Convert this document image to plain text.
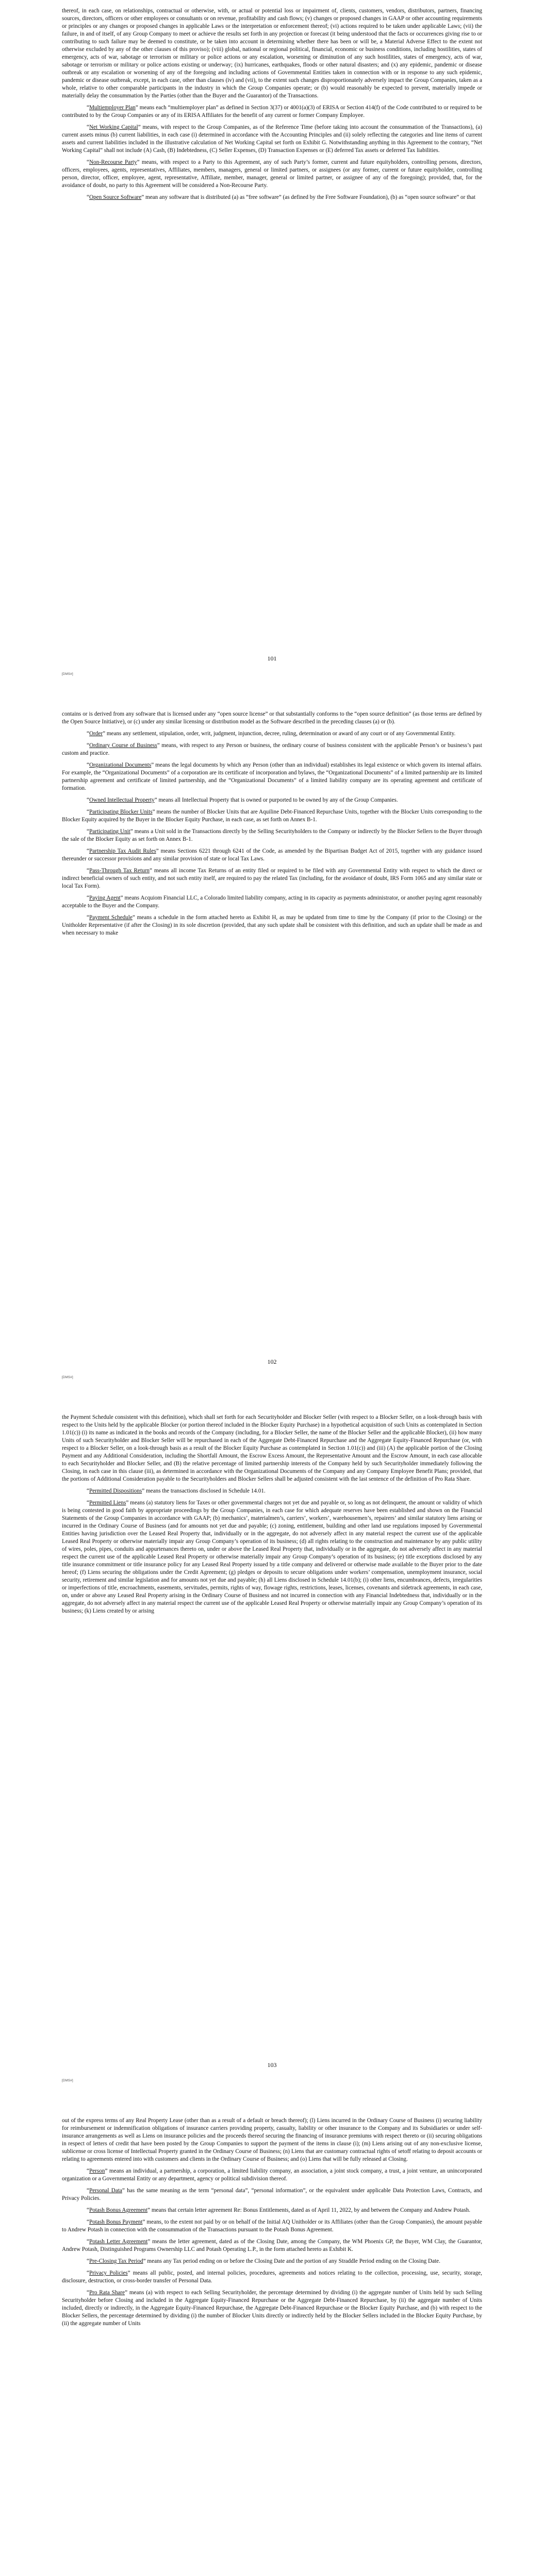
thereof, in each case, on relationships, contractual or otherwise, with, or actual or potential loss or impairment of, clients, customers, vendors, distributors, partners, financing sources, directors, officers or other employees or consultants or on revenue, profitability and cash flows; (v) changes or proposed changes in GAAP or other accounting requirements or principles or any changes or proposed changes in applicable Laws or the interpretation or enforcement thereof; (vi) actions required to be taken under applicable Laws; (vii) the failure, in and of itself, of any Group Company to meet or achieve the results set forth in any projection or forecast (it being understood that the facts or occurrences giving rise to or contributing to such failure may be deemed to constitute, or be taken into account in determining whether there has been or will be, a Material Adverse Effect to the extent not otherwise excluded by any of the other clauses of this proviso); (viii) global, national or regional political, financial, economic or business conditions, including hostilities, states of emergency, acts of war, sabotage or terrorism or military or police actions or any escalation, worsening or diminution of any such hostilities, states of emergency, acts of war, sabotage or terrorism or military or police actions existing or underway; (ix) hurricanes, earthquakes, floods or other natural disasters; and (x) any epidemic, pandemic or disease outbreak or any escalation or worsening of any of the foregoing and including actions of Governmental Entities taken in connection with or in response to any such epidemic, pandemic or disease outbreak, except, in each case, other than clauses (iv) and (vii), to the extent such changes disproportionately adversely impact the Group Companies, taken as a whole, relative to other comparable participants in the industry in which the Group Companies operate; or (b) would reasonably be expected to prevent, materially impede or materially delay the consummation by the Parties (other than the Buyer and the Guarantor) of the Transactions.

“Multiemployer Plan” means each “multiemployer plan” as defined in Section 3(37) or 4001(a)(3) of ERISA or Section 414(f) of the Code contributed to or required to be contributed to by the Group Companies or any of its ERISA Affiliates for the benefit of any current or former Company Employee.

“Net Working Capital” means, with respect to the Group Companies, as of the Reference Time (before taking into account the consummation of the Transactions), (a) current assets minus (b) current liabilities, in each case (i) determined in accordance with the Accounting Principles and (ii) solely reflecting the categories and line items of current assets and current liabilities included in the illustrative calculation of Net Working Capital set forth on Exhibit G. Notwithstanding anything in this Agreement to the contrary, “Net Working Capital” shall not include (A) Cash, (B) Indebtedness, (C) Seller Expenses, (D) Transaction Expenses or (E) deferred Tax assets or deferred Tax liabilities.

“Non-Recourse Party” means, with respect to a Party to this Agreement, any of such Party’s former, current and future equityholders, controlling persons, directors, officers, employees, agents, representatives, Affiliates, members, managers, general or limited partners, or assignees (or any former, current or future equityholder, controlling person, director, officer, employee, agent, representative, Affiliate, member, manager, general or limited partner, or assignee of any of the foregoing); provided, that, for the avoidance of doubt, no party to this Agreement will be considered a Non-Recourse Party.

“Open Source Software” mean any software that is distributed (a) as “free software” (as defined by the Free Software Foundation), (b) as “open source software” or that

101
[DMS#]

contains or is derived from any software that is licensed under any “open source license” or that substantially conforms to the “open source definition” (as those terms are defined by the Open Source Initiative), or (c) under any similar licensing or distribution model as the Software described in the preceding clauses (a) or (b).

“Order” means any settlement, stipulation, order, writ, judgment, injunction, decree, ruling, determination or award of any court or of any Governmental Entity.

“Ordinary Course of Business” means, with respect to any Person or business, the ordinary course of business consistent with the applicable Person’s or business’s past custom and practice.

“Organizational Documents” means the legal documents by which any Person (other than an individual) establishes its legal existence or which govern its internal affairs. For example, the “Organizational Documents” of a corporation are its certificate of incorporation and bylaws, the “Organizational Documents” of a limited partnership are its limited partnership agreement and certificate of limited partnership, and the “Organizational Documents” of a limited liability company are its operating agreement and certificate of formation.

“Owned Intellectual Property” means all Intellectual Property that is owned or purported to be owned by any of the Group Companies.

“Participating Blocker Units” means the number of Blocker Units that are Aquiline Debt-Financed Repurchase Units, together with the Blocker Units corresponding to the Blocker Equity acquired by the Buyer in the Blocker Equity Purchase, in each case, as set forth on Annex B-1.

“Participating Unit” means a Unit sold in the Transactions directly by the Selling Securityholders to the Company or indirectly by the Blocker Sellers to the Buyer through the sale of the Blocker Equity as set forth on Annex B-1.

“Partnership Tax Audit Rules” means Sections 6221 through 6241 of the Code, as amended by the Bipartisan Budget Act of 2015, together with any guidance issued thereunder or successor provisions and any similar provision of state or local Tax Laws.

“Pass-Through Tax Return” means all income Tax Returns of an entity filed or required to be filed with any Governmental Entity with respect to which the direct or indirect beneficial owners of such entity, and not such entity itself, are required to pay the related Tax (including, for the avoidance of doubt, IRS Form 1065 and any similar state or local Tax Form).

“Paying Agent” means Acquiom Financial LLC, a Colorado limited liability company, acting in its capacity as payments administrator, or another paying agent reasonably acceptable to the Buyer and the Company.

“Payment Schedule” means a schedule in the form attached hereto as Exhibit H, as may be updated from time to time by the Company (if prior to the Closing) or the Unitholder Representative (if after the Closing) in its sole discretion (provided, that any such update shall be consistent with this definition, and such an update shall be made as and when necessary to make

102
[DMS#]

the Payment Schedule consistent with this definition), which shall set forth for each Securityholder and Blocker Seller (with respect to a Blocker Seller, on a look-through basis with respect to the Units held by the applicable Blocker (or portion thereof included in the Blocker Equity Purchase) in a hypothetical acquisition of such Units as contemplated in Section 1.01(c)) (i) its name as indicated in the books and records of the Company (including, for a Blocker Seller, the name of the Blocker Seller and the applicable Blocker), (ii) how many Units of such Securityholder and Blocker Seller will be repurchased in each of the Aggregate Debt-Financed Repurchase and the Aggregate Equity-Financed Repurchase (or, with respect to a Blocker Seller, on a look-through basis as a result of the Blocker Equity Purchase as contemplated in Section 1.01(c)) and (iii) (A) the applicable portion of the Closing Payment and any Additional Consideration, including the Shortfall Amount, the Escrow Excess Amount, the Representative Amount and the Escrow Amount, in each case allocable to each Securityholder and Blocker Seller, and (B) the relative percentage of limited partnership interests of the Company held by such Securityholder immediately following the Closing, in each case in this clause (iii), as determined in accordance with the Organizational Documents of the Company and any Company Employee Benefit Plans; provided, that the portions of Additional Consideration payable to the Securityholders and Blocker Sellers shall be adjusted consistent with the last sentence of the definition of Pro Rata Share.

“Permitted Dispositions” means the transactions disclosed in Schedule 14.01.

“Permitted Liens” means (a) statutory liens for Taxes or other governmental charges not yet due and payable or, so long as not delinquent, the amount or validity of which is being contested in good faith by appropriate proceedings by the Group Companies, in each case for which adequate reserves have been established and shown on the Financial Statements of the Group Companies in accordance with GAAP; (b) mechanics’, materialmen’s, carriers’, workers’, warehousemen’s, repairers’ and similar statutory liens arising or incurred in the Ordinary Course of Business (and for amounts not yet due and payable; (c) zoning, entitlement, building and other land use regulations imposed by Governmental Entities having jurisdiction over the Leased Real Property that, individually or in the aggregate, do not adversely affect in any material respect the current use of the applicable Leased Real Property or otherwise materially impair any Group Company’s operation of its business; (d) all rights relating to the construction and maintenance by any public utility of wires, poles, pipes, conduits and appurtenances thereto on, under or above the Leased Real Property that, individually or in the aggregate, do not adversely affect in any material respect the current use of the applicable Leased Real Property or otherwise materially impair any Group Company’s operation of its business; (e) title exceptions disclosed by any title insurance commitment or title insurance policy for any Leased Real Property issued by a title company and delivered or otherwise made available to the Buyer prior to the date hereof; (f) Liens securing the obligations under the Credit Agreement; (g) pledges or deposits to secure obligations under workers’ compensation, unemployment insurance, social security, retirement and similar legislation and for amounts not yet due and payable; (h) all Liens disclosed in Schedule 14.01(b); (i) other liens, encumbrances, defects, irregularities or imperfections of title, encroachments, easements, servitudes, permits, rights of way, flowage rights, restrictions, leases, licenses, covenants and sidetrack agreements, in each case, on, under or above any Leased Real Property arising in the Ordinary Course of Business and not incurred in connection with any Financial Indebtedness that, individually or in the aggregate, do not adversely affect in any material respect the current use of the applicable Leased Real Property or otherwise materially impair any Group Company’s operation of its business; (k) Liens created by or arising

103
[DMS#]

out of the express terms of any Real Property Lease (other than as a result of a default or breach thereof); (l) Liens incurred in the Ordinary Course of Business (i) securing liability for reimbursement or indemnification obligations of insurance carriers providing property, casualty, liability or other insurance to the Company and its Subsidiaries or under self-insurance arrangements as well as Liens on insurance policies and the proceeds thereof securing the financing of insurance premiums with respect thereto or (ii) securing obligations in respect of letters of credit that have been posted by the Group Companies to support the payment of the items in clause (i); (m) Liens arising out of any non-exclusive license, sublicense or cross license of Intellectual Property granted in the Ordinary Course of Business; (n) Liens that are customary contractual rights of setoff relating to deposit accounts or relating to agreements entered into with customers and clients in the Ordinary Course of Business; and (o) Liens that will be fully released at Closing.

“Person” means an individual, a partnership, a corporation, a limited liability company, an association, a joint stock company, a trust, a joint venture, an unincorporated organization or a Governmental Entity or any department, agency or political subdivision thereof.

“Personal Data” has the same meaning as the term “personal data”, “personal information”, or the equivalent under applicable Data Protection Laws, Contracts, and Privacy Policies.

“Potash Bonus Agreement” means that certain letter agreement Re: Bonus Entitlements, dated as of April 11, 2022, by and between the Company and Andrew Potash.

“Potash Bonus Payment” means, to the extent not paid by or on behalf of the Initial AQ Unitholder or its Affiliates (other than the Group Companies), the amount payable to Andrew Potash in connection with the consummation of the Transactions pursuant to the Potash Bonus Agreement.

“Potash Letter Agreement” means the letter agreement, dated as of the Closing Date, among the Company, the WM Phoenix GP, the Buyer, WM Clay, the Guarantor, Andrew Potash, Distinguished Programs Ownership LLC and Potash Operating L.P., in the form attached hereto as Exhibit K.

“Pre-Closing Tax Period” means any Tax period ending on or before the Closing Date and the portion of any Straddle Period ending on the Closing Date.

“Privacy Policies” means all public, posted, and internal policies, procedures, agreements and notices relating to the collection, processing, use, security, storage, disclosure, destruction, or cross-border transfer of Personal Data.

“Pro Rata Share” means (a) with respect to each Selling Securityholder, the percentage determined by dividing (i) the aggregate number of Units held by such Selling Securityholder before Closing and included in the Aggregate Equity-Financed Repurchase or the Aggregate Debt-Financed Repurchase, by (ii) the aggregate number of Units included, directly or indirectly, in the Aggregate Equity-Financed Repurchase, the Aggregate Debt-Financed Repurchase or the Blocker Equity Purchase, and (b) with respect to the Blocker Sellers, the percentage determined by dividing (i) the number of Blocker Units directly or indirectly held by the Blocker Sellers included in the Blocker Equity Purchase, by (ii) the aggregate number of Units
